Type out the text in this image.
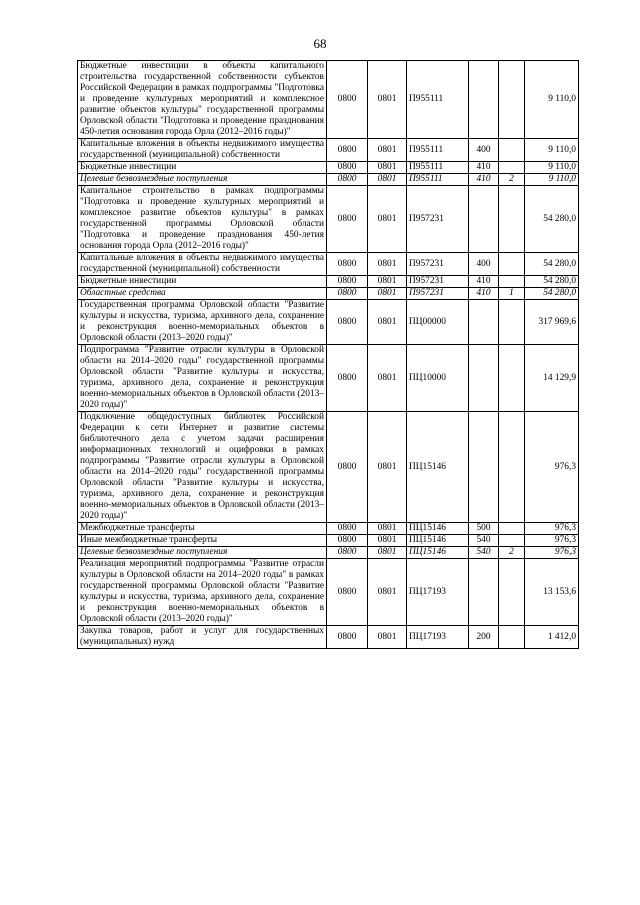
68
Бюджетные инвестиции в объекты капитального строительства государственной собственности субъектов Российской Федерации в рамках подпрограммы "Подготовка и проведение культурных мероприятий и комплексное развитие объектов культуры" государственной программы Орловской области "Подготовка и проведение празднования 450-летия основания города Орла (2012–2016 годы)"	0800	0801	П955111			9 110,0
Капитальные вложения в объекты недвижимого имущества государственной (муниципальной) собственности	0800	0801	П955111	400		9 110,0
Бюджетные инвестиции	0800	0801	П955111	410		9 110,0
Целевые безвозмездные поступления	0800	0801	П955111	410	2	9 110,0
Капитальное строительство в рамках подпрограммы "Подготовка и проведение культурных мероприятий и комплексное развитие объектов культуры" в рамках государственной программы Орловской области "Подготовка и проведение празднования 450-летия основания города Орла (2012–2016 годы)"	0800	0801	П957231			54 280,0
Капитальные вложения в объекты недвижимого имущества государственной (муниципальной) собственности	0800	0801	П957231	400		54 280,0
Бюджетные инвестиции	0800	0801	П957231	410		54 280,0
Областные средства	0800	0801	П957231	410	1	54 280,0
Государственная программа Орловской области "Развитие культуры и искусства, туризма, архивного дела, сохранение и реконструкция военно-мемориальных объектов в Орловской области (2013–2020 годы)"	0800	0801	ПЦ00000			317 969,6
Подпрограмма "Развитие отрасли культуры в Орловской области на 2014–2020 годы" государственной программы Орловской области "Развитие культуры и искусства, туризма, архивного дела, сохранение и реконструкция военно-мемориальных объектов в Орловской области (2013–2020 годы)"	0800	0801	ПЦ10000			14 129,9
Подключение общедоступных библиотек Российской Федерации к сети Интернет и развитие системы библиотечного дела с учетом задачи расширения информационных технологий и оцифровки в рамках подпрограммы "Развитие отрасли культуры в Орловской области на 2014–2020 годы" государственной программы Орловской области "Развитие культуры и искусства, туризма, архивного дела, сохранение и реконструкция военно-мемориальных объектов в Орловской области (2013–2020 годы)"	0800	0801	ПЦ15146			976,3
Межбюджетные трансферты	0800	0801	ПЦ15146	500		976,3
Иные межбюджетные трансферты	0800	0801	ПЦ15146	540		976,3
Целевые безвозмездные поступления	0800	0801	ПЦ15146	540	2	976,3
Реализация мероприятий подпрограммы "Развитие отрасли культуры в Орловской области на 2014–2020 годы" в рамках государственной программы Орловской области "Развитие культуры и искусства, туризма, архивного дела, сохранение и реконструкция военно-мемориальных объектов в Орловской области (2013–2020 годы)"	0800	0801	ПЦ17193			13 153,6
Закупка товаров, работ и услуг для государственных (муниципальных) нужд	0800	0801	ПЦ17193	200		1 412,0
